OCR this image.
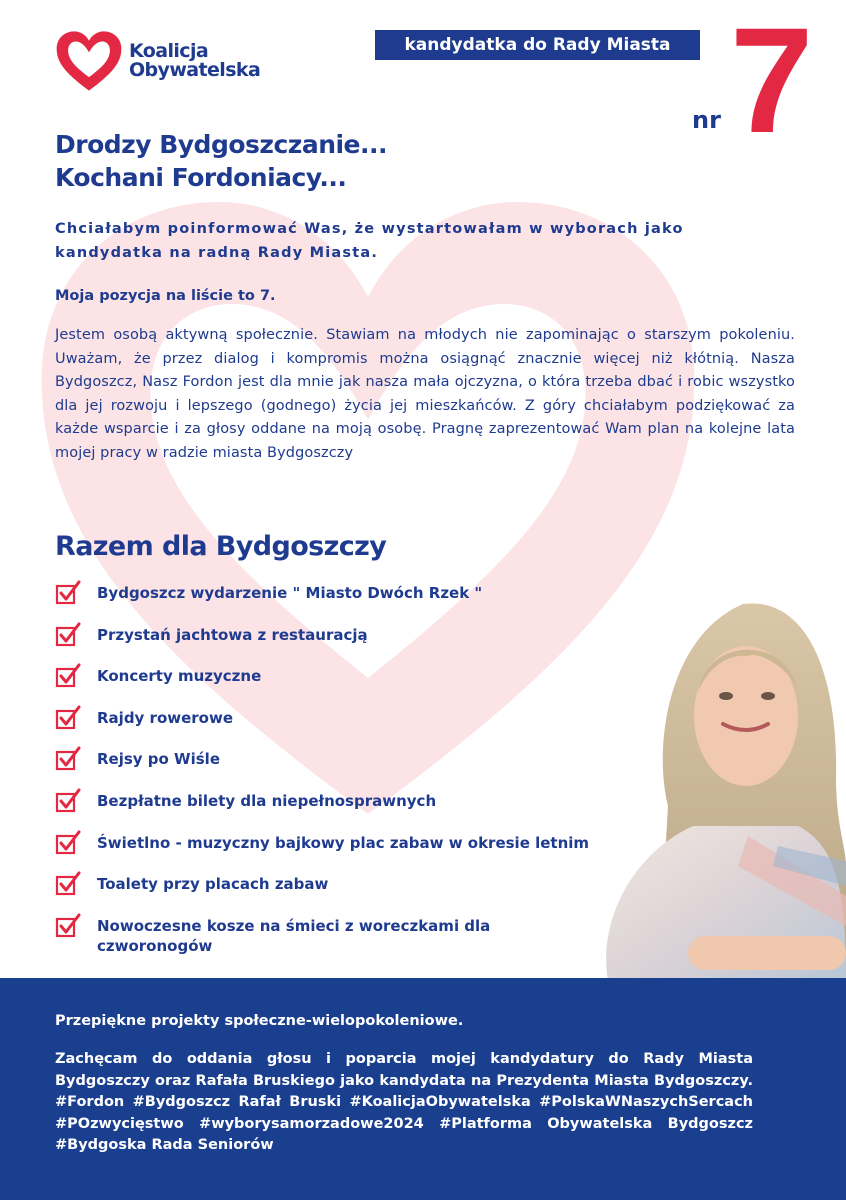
Koalicja
Obywatelska
kandydatka do Rady Miasta
nr 7
Drodzy Bydgoszczanie...
Kochani Fordoniacy...
Chciałabym poinformować Was, że wystartowałam w wyborach jako kandydatka na radną Rady Miasta.
Moja pozycja na liście to 7.
Jestem osobą aktywną społecznie. Stawiam na młodych nie zapominając o starszym pokoleniu. Uważam, że przez dialog i kompromis można osiągnąć znacznie więcej niż kłótnią. Nasza Bydgoszcz, Nasz Fordon jest dla mnie jak nasza mała ojczyzna, o która trzeba dbać i robic wszystko dla jej rozwoju i lepszego (godnego) życia jej mieszkańców. Z góry chciałabym podziękować za każde wsparcie i za głosy oddane na moją osobę. Pragnę zaprezentować Wam plan na kolejne lata mojej pracy w radzie miasta Bydgoszczy
Razem dla Bydgoszczy
Bydgoszcz wydarzenie " Miasto Dwóch Rzek "
Przystań jachtowa z restauracją
Koncerty muzyczne
Rajdy rowerowe
Rejsy po Wiśle
Bezpłatne bilety dla niepełnosprawnych
Świetlno - muzyczny bajkowy plac zabaw w okresie letnim
Toalety przy placach zabaw
Nowoczesne kosze na śmieci z woreczkami dla czworonogów
Przepiękne projekty społeczne-wielopokoleniowe.
Zachęcam do oddania głosu i poparcia mojej kandydatury do Rady Miasta Bydgoszczy oraz Rafała Bruskiego jako kandydata na Prezydenta Miasta Bydgoszczy. #Fordon #Bydgoszcz Rafał Bruski #KoalicjaObywatelska #PolskaWNaszychSercach #POzwycięstwo #wyborysamorzadowe2024 #Platforma Obywatelska Bydgoszcz #Bydgoska Rada Seniorów
